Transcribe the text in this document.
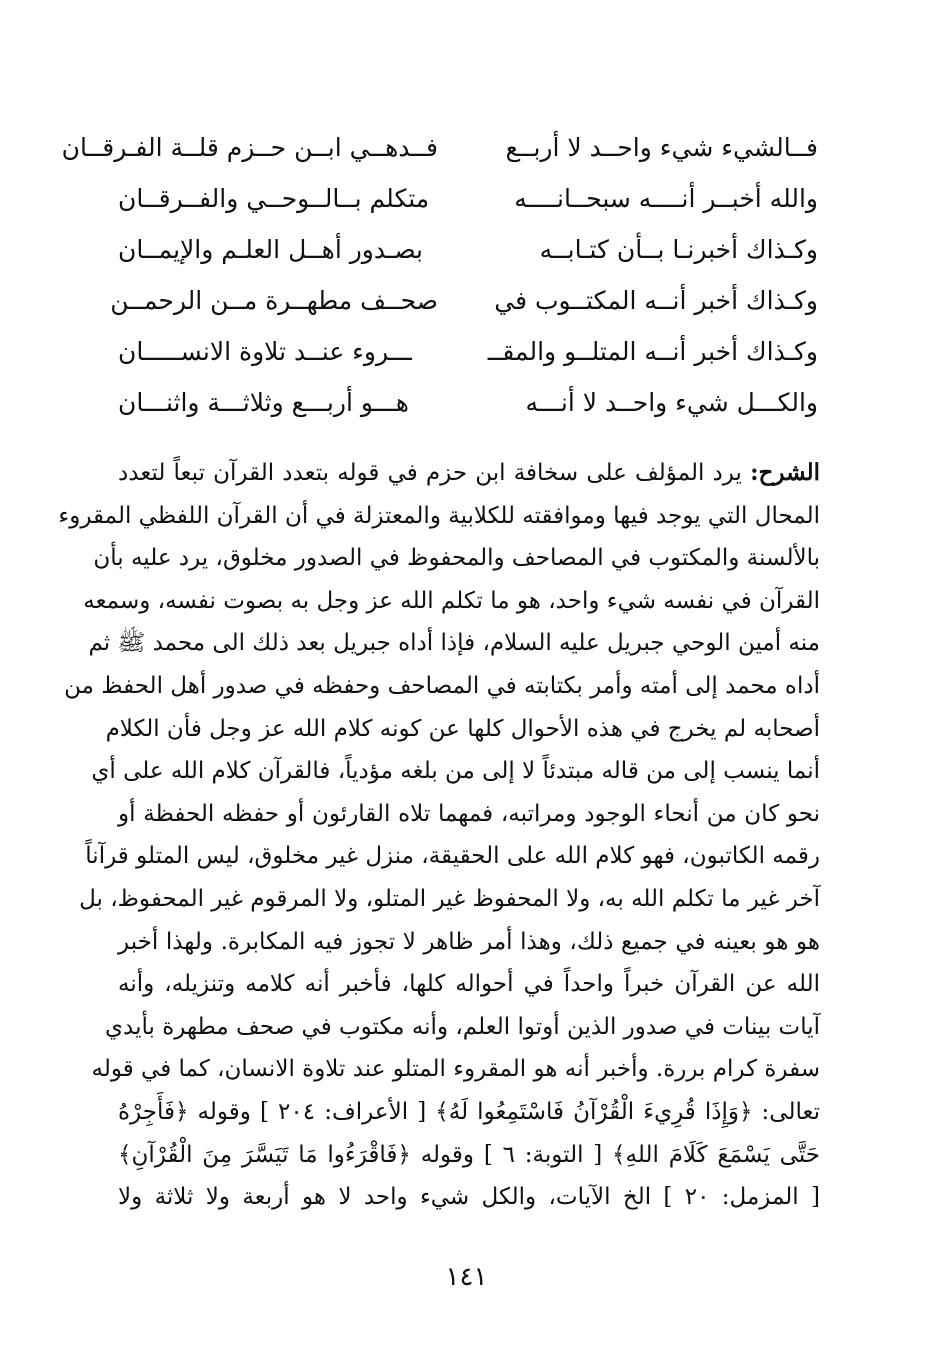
فــالشيء شيء واحــد لا أربــع
فــدهــي ابــن حــزم قلــة الفـرقــان
والله أخبــر أنــــه سبحــانــــه
متكلم بــالــوحــي والفــرقــان
وكـذاك أخبرنـا بــأن كتـابــه
بصـدور أهــل العلـم والإيمــان
وكـذاك أخبر أنــه المكتــوب في
صحــف مطهــرة مــن الرحمــن
وكـذاك أخبر أنــه المتلــو والمقــ
ـــروء عنــد تلاوة الانســـــان
والكـــل شيء واحــد لا أنـــه
هـــو أربـــع وثلاثـــة واثنـــان
الشرح: يرد المؤلف على سخافة ابن حزم في قوله بتعدد القرآن تبعاً لتعدد
المحال التي يوجد فيها وموافقته للكلابية والمعتزلة في أن القرآن اللفظي المقروء
بالألسنة والمكتوب في المصاحف والمحفوظ في الصدور مخلوق، يرد عليه بأن
القرآن في نفسه شيء واحد، هو ما تكلم الله عز وجل به بصوت نفسه، وسمعه
منه أمين الوحي جبريل عليه السلام، فإذا أداه جبريل بعد ذلك الى محمد ﷺ ثم
أداه محمد إلى أمته وأمر بكتابته في المصاحف وحفظه في صدور أهل الحفظ من
أصحابه لم يخرج في هذه الأحوال كلها عن كونه كلام الله عز وجل فأن الكلام
أنما ينسب إلى من قاله مبتدئاً لا إلى من بلغه مؤدياً، فالقرآن كلام الله على أي
نحو كان من أنحاء الوجود ومراتبه، فمهما تلاه القارئون أو حفظه الحفظة أو
رقمه الكاتبون، فهو كلام الله على الحقيقة، منزل غير مخلوق، ليس المتلو قرآناً
آخر غير ما تكلم الله به، ولا المحفوظ غير المتلو، ولا المرقوم غير المحفوظ، بل
هو هو بعينه في جميع ذلك، وهذا أمر ظاهر لا تجوز فيه المكابرة. ولهذا أخبر
الله عن القرآن خبراً واحداً في أحواله كلها، فأخبر أنه كلامه وتنزيله، وأنه
آيات بينات في صدور الذين أوتوا العلم، وأنه مكتوب في صحف مطهرة بأيدي
سفرة كرام بررة. وأخبر أنه هو المقروء المتلو عند تلاوة الانسان، كما في قوله
تعالى: ﴿وَإِذَا قُرِيءَ الْقُرْآنُ فَاسْتَمِعُوا لَهُ﴾ [ الأعراف: ٢٠٤ ] وقوله ﴿فَأَجِرْهُ
حَتَّى يَسْمَعَ كَلَامَ اللهِ﴾ [ التوبة: ٦ ] وقوله ﴿فَاقْرَءُوا مَا تَيَسَّرَ مِنَ الْقُرْآنِ﴾
[ المزمل: ٢٠ ] الخ الآيات، والكل شيء واحد لا هو أربعة ولا ثلاثة ولا
١٤١
